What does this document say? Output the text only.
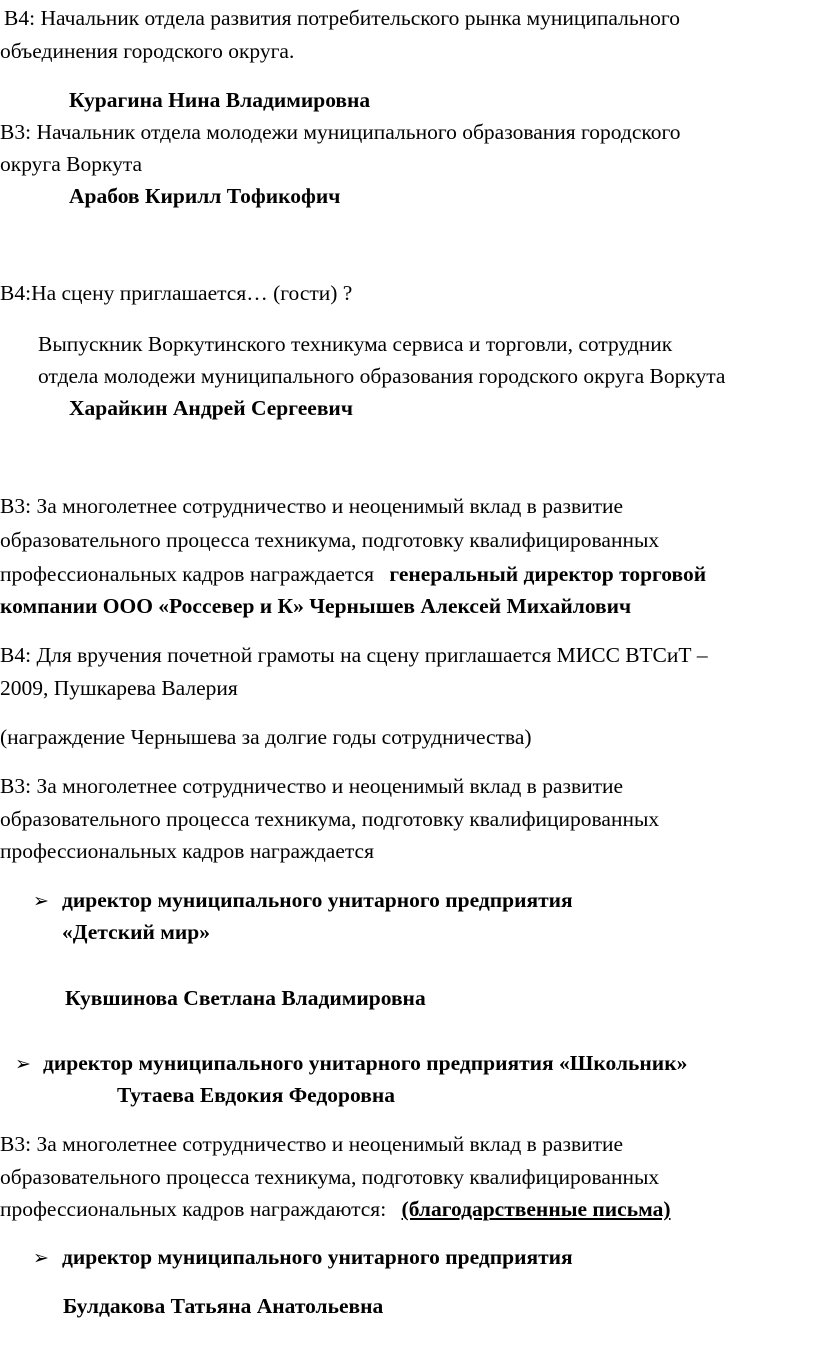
В4: Начальник отдела развития потребительского рынка муниципального
объединения городского округа.
Курагина Нина Владимировна
В3: Начальник отдела молодежи муниципального образования городского
округа Воркута
Арабов Кирилл Тофикофич
В4:На сцену приглашается… (гости) ?
Выпускник Воркутинского техникума сервиса и торговли, сотрудник
отдела молодежи муниципального образования городского округа Воркута
Харайкин Андрей Сергеевич
В3: За многолетнее сотрудничество и неоценимый вклад в развитие
образовательного процесса техникума, подготовку квалифицированных
профессиональных кадров награждается генеральный директор торговой
компании ООО «Россевер и К» Чернышев Алексей Михайлович
В4: Для вручения почетной грамоты на сцену приглашается МИСС ВТСиТ –
2009, Пушкарева Валерия
(награждение Чернышева за долгие годы сотрудничества)
В3: За многолетнее сотрудничество и неоценимый вклад в развитие
образовательного процесса техникума, подготовку квалифицированных
профессиональных кадров награждается
➢ директор муниципального унитарного предприятия
«Детский мир»
Кувшинова Светлана Владимировна
➢ директор муниципального унитарного предприятия «Школьник»
Тутаева Евдокия Федоровна
В3: За многолетнее сотрудничество и неоценимый вклад в развитие
образовательного процесса техникума, подготовку квалифицированных
профессиональных кадров награждаются: (благодарственные письма)
➢ директор муниципального унитарного предприятия
Булдакова Татьяна Анатольевна
